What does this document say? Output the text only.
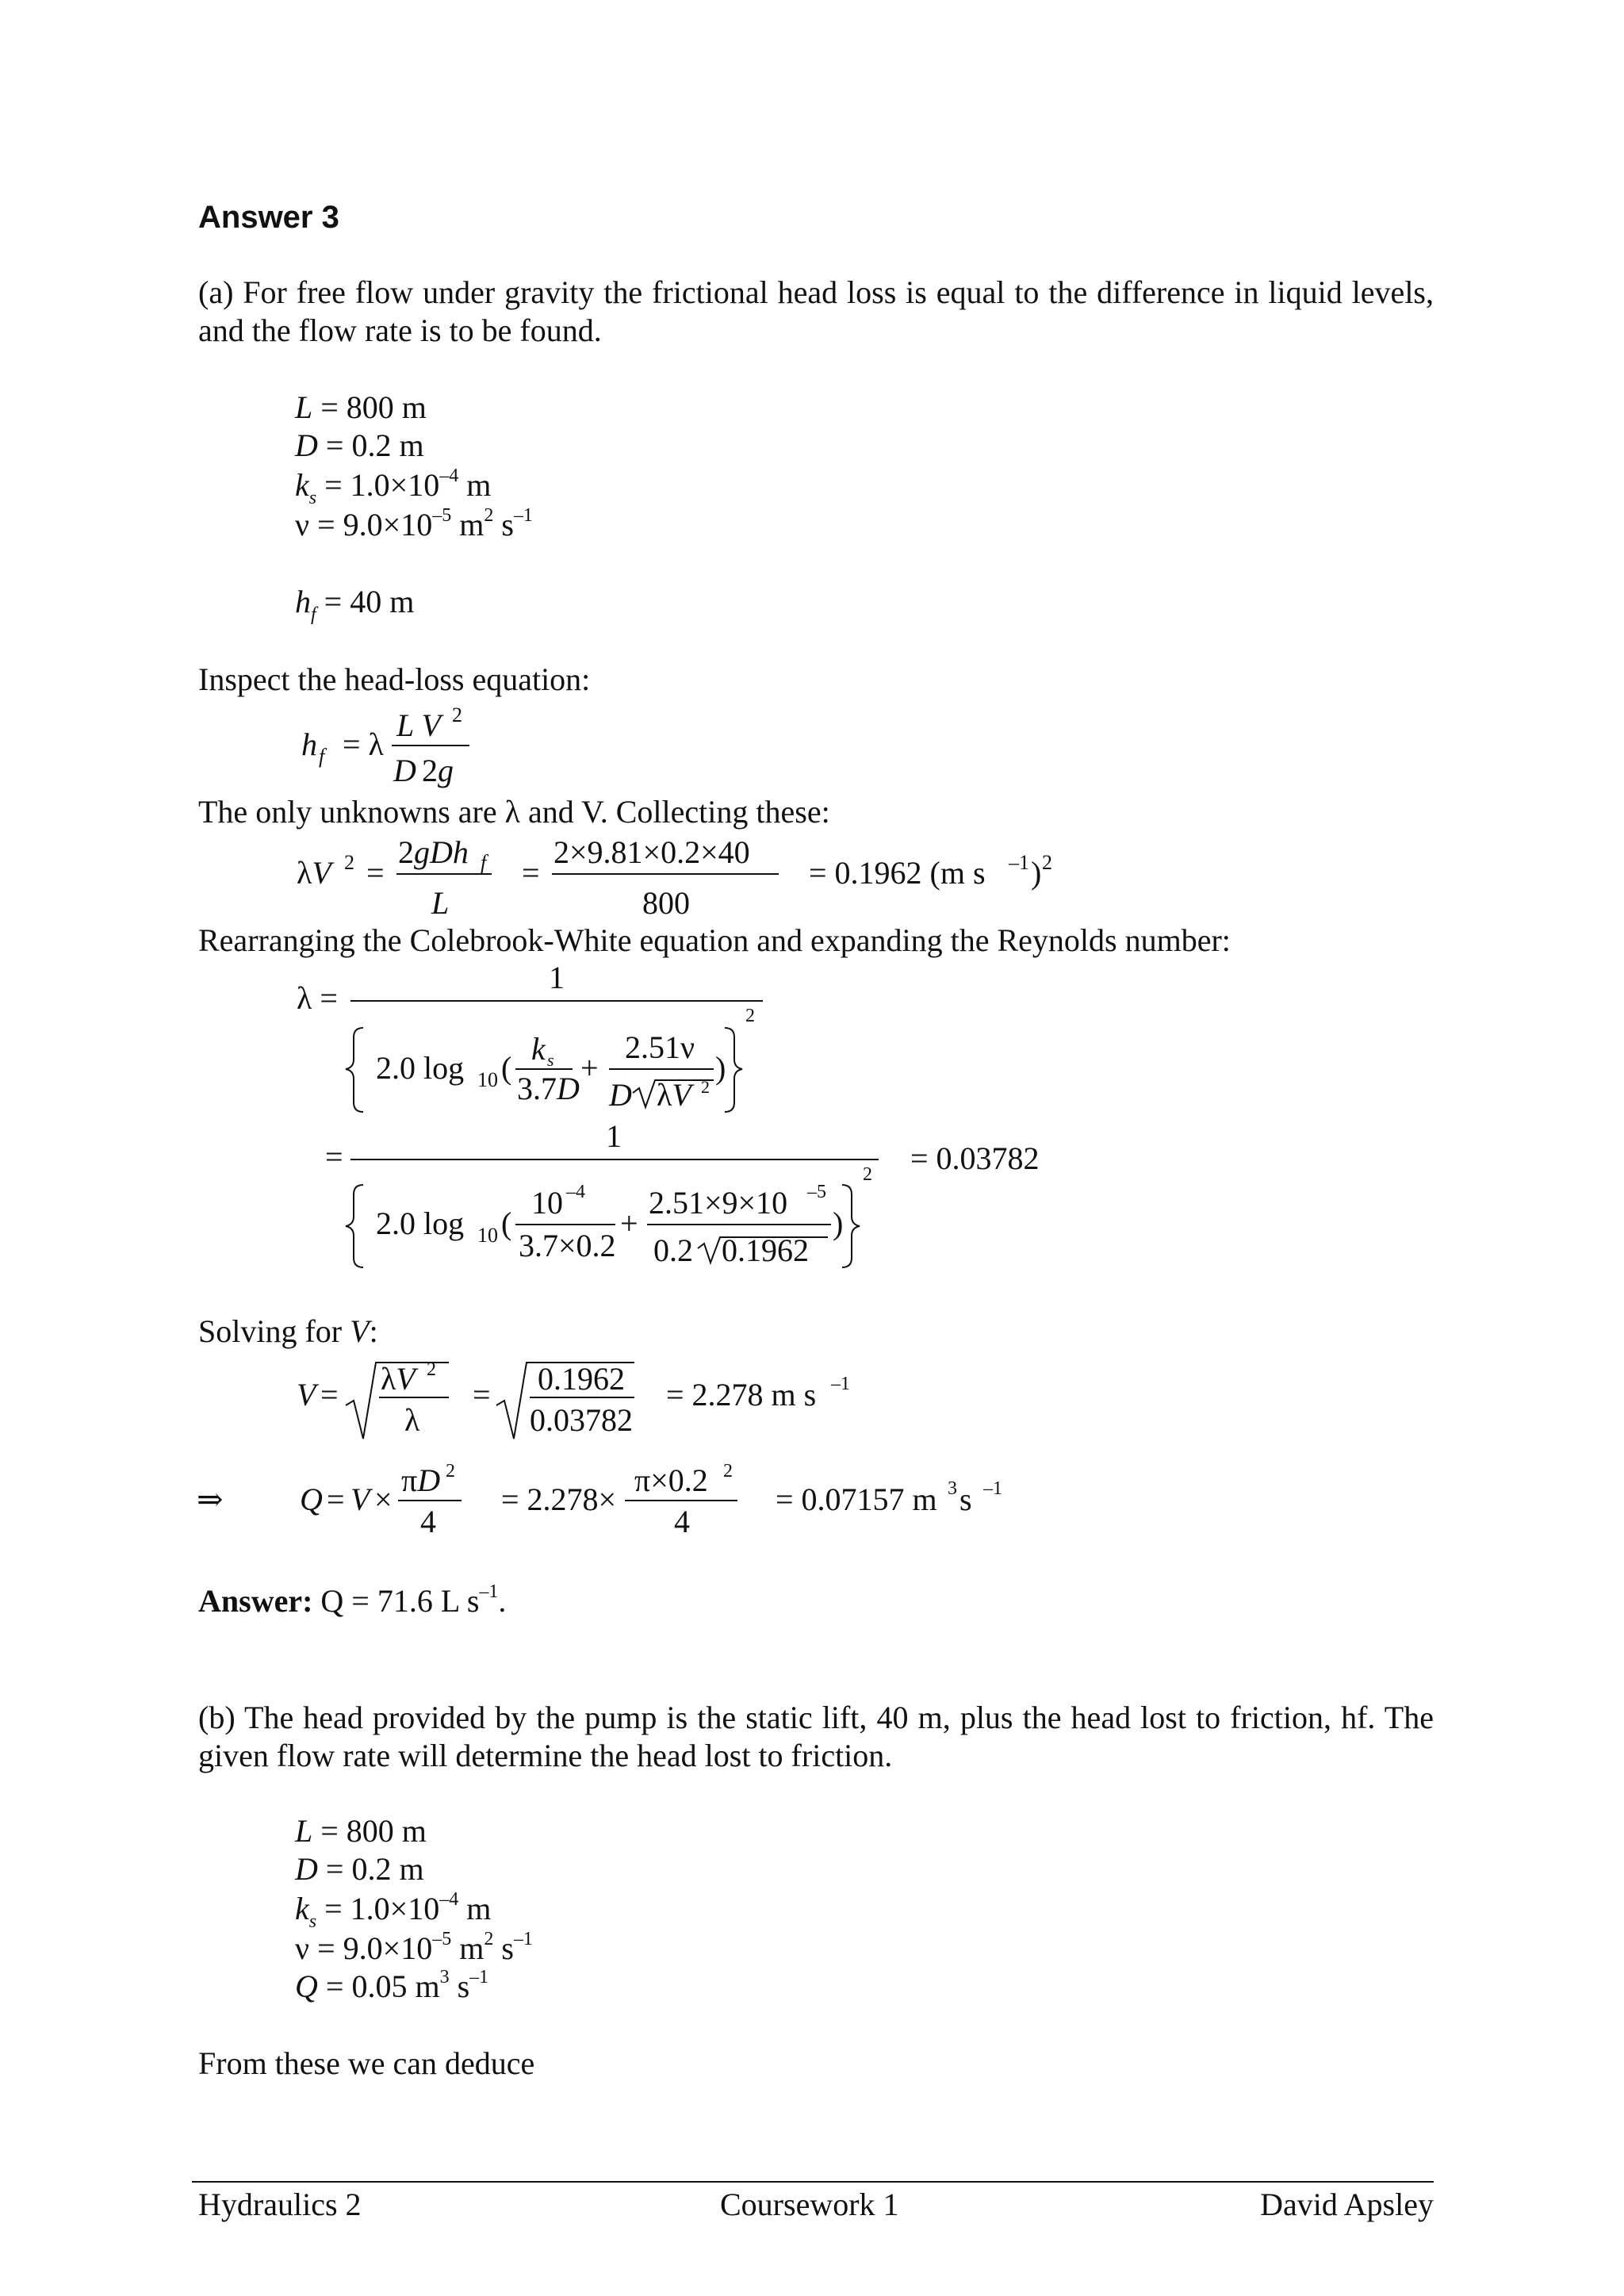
Answer 3
(a) For free flow under gravity the frictional head loss is equal to the difference in liquid levels, and the flow rate is to be found.
L = 800 m
D = 0.2 m
$k_s = 1.0\times 10^{-4}$ m
$\nu = 9.0\times 10^{-5}$ $m^2$ $s^{-1}$
$h_f = 40$ m
Inspect the head-loss equation:
h f = λ
L V 2
D 2g
The only unknowns are λ and V. Collecting these:
λV 2 =
2gDh f
L
=
2×9.81×0.2×40
800
= 0.1962 (m s –1 ) 2
Rearranging the Colebrook-White equation and expanding the Reynolds number:
λ =
1
2.0 log 10 (
k s
3.7D
+
2.51ν
D λV 2
)
2
=
1
2.0 log 10 (
10 –4
3.7×0.2
+
2.51×9×10 –5
0.2 0.1962
)
2 = 0.03782
Solving for V:
V = λV 2
λ
= 0.1962
0.03782
= 2.278 m s –1
⇒ Q = V ×
πD 2
4
= 2.278×
π×0.2 2
4
= 0.07157 m 3 s –1
Answer: Q = 71.6 L $s^{-1}$.
(b) The head provided by the pump is the static lift, 40 m, plus the head lost to friction, hf. The given flow rate will determine the head lost to friction.
L = 800 m
D = 0.2 m
$k_s = 1.0\times 10^{-4}$ m
$\nu = 9.0\times 10^{-5}$ $m^2$ $s^{-1}$
Q = 0.05 $m^3$ $s^{-1}$
From these we can deduce
Hydraulics 2	Coursework 1	David Apsley
